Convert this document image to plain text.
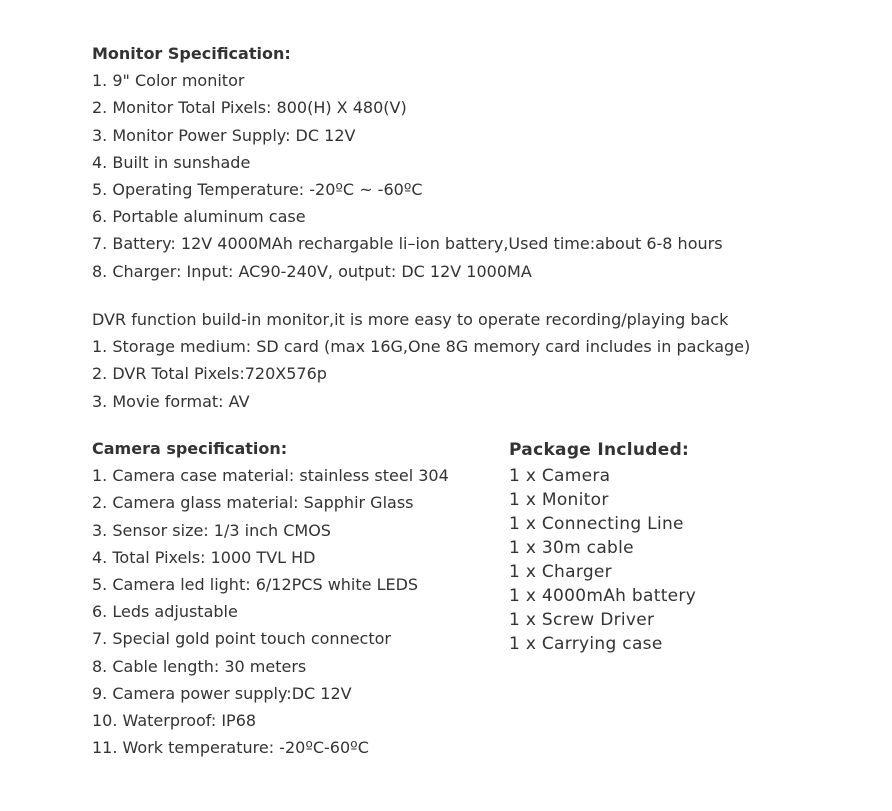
Monitor Specification:
1. 9" Color monitor
2. Monitor Total Pixels: 800(H) X 480(V)
3. Monitor Power Supply: DC 12V
4. Built in sunshade
5. Operating Temperature: -20ºC ~ -60ºC
6. Portable aluminum case
7. Battery: 12V 4000MAh rechargable li–ion battery,Used time:about 6-8 hours
8. Charger: Input: AC90-240V, output: DC 12V 1000MA
DVR function build-in monitor,it is more easy to operate recording/playing back
1. Storage medium: SD card (max 16G,One 8G memory card includes in package)
2. DVR Total Pixels:720X576p
3. Movie format: AV
Camera specification:
1. Camera case material: stainless steel 304
2. Camera glass material: Sapphir Glass
3. Sensor size: 1/3 inch CMOS
4. Total Pixels: 1000 TVL HD
5. Camera led light: 6/12PCS white LEDS
6. Leds adjustable
7. Special gold point touch connector
8. Cable length: 30 meters
9. Camera power supply:DC 12V
10. Waterproof: IP68
11. Work temperature: -20ºC-60ºC
Package Included:
1 x Camera
1 x Monitor
1 x Connecting Line
1 x 30m cable
1 x Charger
1 x 4000mAh battery
1 x Screw Driver
1 x Carrying case
